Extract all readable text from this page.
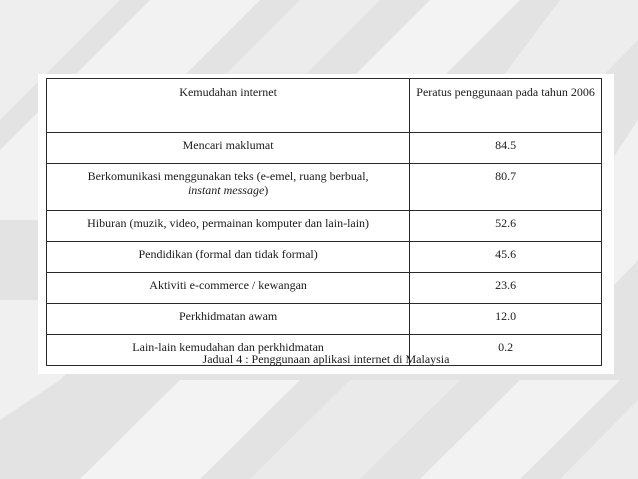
Kemudahan internet	Peratus penggunaan pada tahun 2006
Mencari maklumat	84.5
Berkomunikasi menggunakan teks (e-emel, ruang berbual,
instant message)	80.7
Hiburan (muzik, video, permainan komputer dan lain-lain)	52.6
Pendidikan (formal dan tidak formal)	45.6
Aktiviti e-commerce / kewangan	23.6
Perkhidmatan awam	12.0
Lain-lain kemudahan dan perkhidmatan	0.2
Jadual 4 : Penggunaan aplikasi internet di Malaysia
